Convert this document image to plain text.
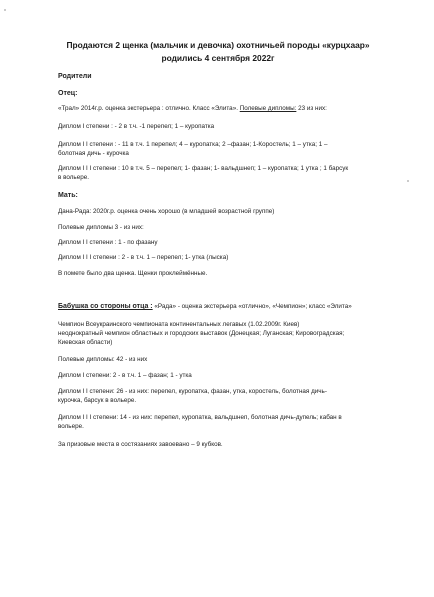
Продаются 2 щенка (мальчик и девочка) охотничьей породы «курцхаар»
родились 4 сентября 2022г
Родители
Отец:
«Трал» 2014г.р. оценка экстерьера : отлично. Класс «Элита». Полевые дипломы: 23 из них:
Диплом I степени : - 2 в т.ч. -1 перепел; 1 – куропатка
Диплом I I степени : - 11 в т.ч. 1 перепел; 4 – куропатка; 2 –фазан; 1-Коростель; 1 – утка; 1 –
болотная дичь - курочка
Диплом I I I степени : 10 в т.ч. 5 – перепел; 1- фазан; 1- вальдшнеп; 1 – куропатка; 1 утка ; 1 барсук
в вольере.
Мать:
Дана-Рада: 2020г.р. оценка очень хорошо (в младшей возрастной группе)
Полевые дипломы 3 - из них:
Диплом I I степени : 1 - по фазану
Диплом I I I степени : 2 - в т.ч. 1 – перепел; 1- утка (лыска)
В помете было два щенка. Щенки проклеймённые.
Бабушка со стороны отца : «Рада» - оценка экстерьера «отлично», «Чемпион»; класс «Элита»
Чемпион Всеукраинского чемпионата континентальных легавых (1.02.2009г. Киев)
неоднократный чемпион областных и городских выставок (Донецкая; Луганская; Кировоградская;
Киевская области)
Полевые дипломы: 42 - из них
Диплом I степени: 2 - в т.ч. 1 – фазан; 1 - утка
Диплом I I степени: 26 - из них: перепел, куропатка, фазан, утка, коростель, болотная дичь-
курочка, барсук в вольере.
Диплом I I I степени: 14 - из них: перепел, куропатка, вальдшнеп, болотная дичь-дупель; кабан в
вольере.
За призовые места в состязаниях завоевано – 9 кубков.
